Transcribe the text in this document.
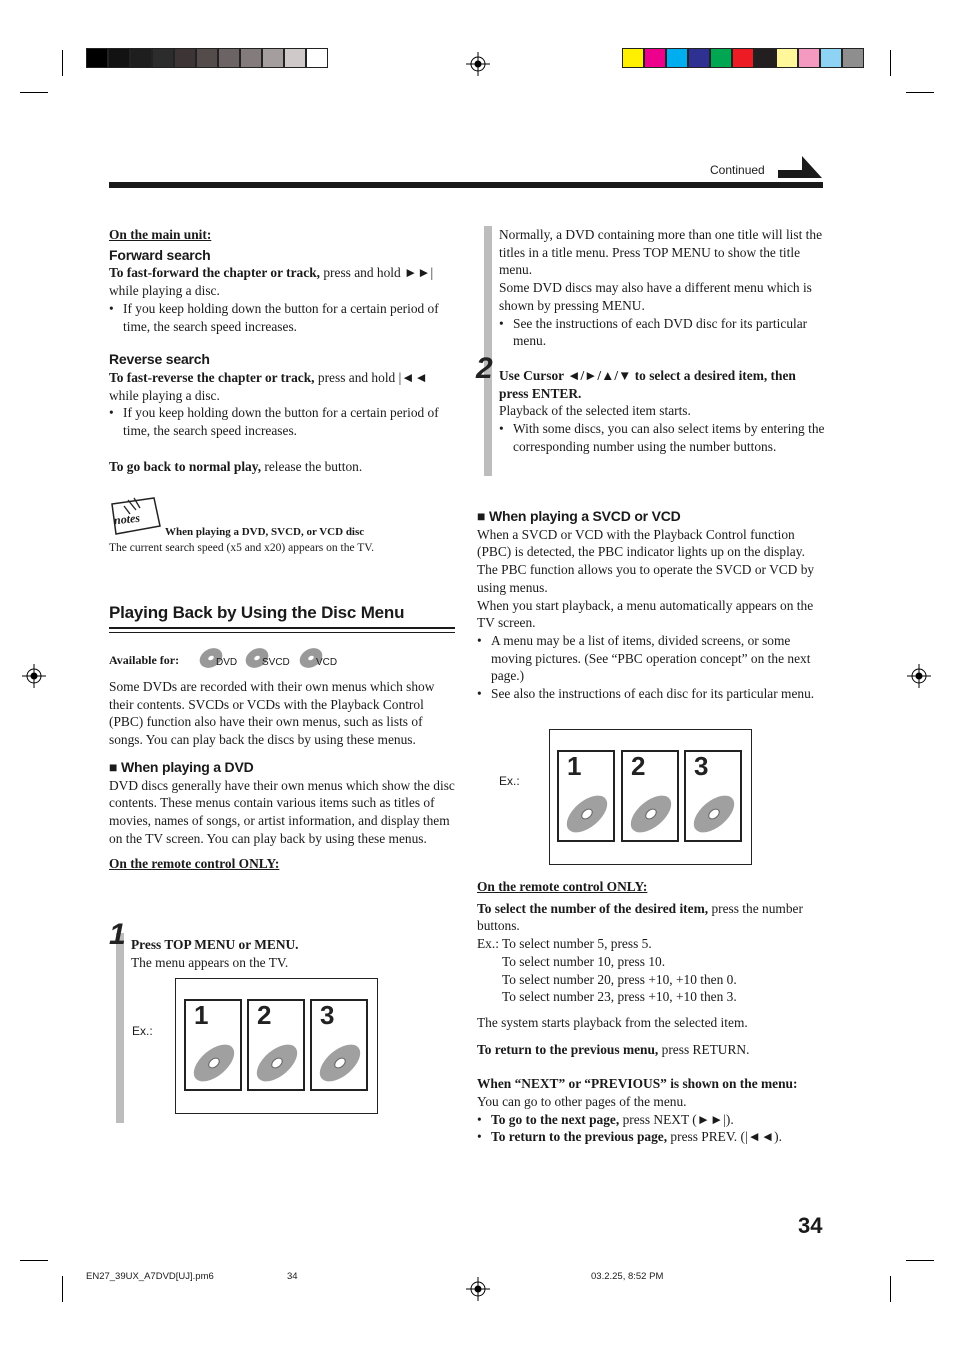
Continued
On the main unit:
Forward search

To fast-forward the chapter or track, press and hold ►►|

while playing a disc.

• If you keep holding down the button for a certain period of time, the search speed increases.

Reverse search

To fast-reverse the chapter or track, press and hold |◄◄

while playing a disc.

• If you keep holding down the button for a certain period of time, the search speed increases.

To go back to normal play, release the button.

notes
When playing a DVD, SVCD, or VCD disc
The current search speed (x5 and x20) appears on the TV.
Playing Back by Using the Disc Menu
Available for:	DVD SVCD	VCD

Some DVDs are recorded with their own menus which show their contents. SVCDs or VCDs with the Playback Control (PBC) function also have their own menus, such as lists of songs. You can play back the discs by using these menus.

■ When playing a DVD

DVD discs generally have their own menus which show the disc contents. These menus contain various items such as titles of movies, names of songs, or artist information, and display them on the TV screen. You can play back by using these menus.

On the remote control ONLY:
1 Press TOP MENU or MENU.
The menu appears on the TV.
Ex.:
1 2 3

Normally, a DVD containing more than one title will list the titles in a title menu. Press TOP MENU to show the title menu.

Some DVD discs may also have a different menu which is shown by pressing MENU.

• See the instructions of each DVD disc for its particular menu.

2 Use Cursor ◄/►/▲/▼ to select a desired item, then press ENTER.
Playback of the selected item starts.

• With some discs, you can also select items by entering the corresponding number using the number buttons.

■ When playing a SVCD or VCD

When a SVCD or VCD with the Playback Control function (PBC) is detected, the PBC indicator lights up on the display. The PBC function allows you to operate the SVCD or VCD by using menus.

When you start playback, a menu automatically appears on the TV screen.

• A menu may be a list of items, divided screens, or some moving pictures. (See “PBC operation concept” on the next page.)

• See also the instructions of each disc for its particular menu.

Ex.: 1 2 3
On the remote control ONLY:

To select the number of the desired item, press the number buttons.

Ex.: To select number 5, press 5.
To select number 10, press 10.
To select number 20, press +10, +10 then 0.
To select number 23, press +10, +10 then 3.

The system starts playback from the selected item.

To return to the previous menu, press RETURN.

When “NEXT” or “PREVIOUS” is shown on the menu:

You can go to other pages of the menu.

• To go to the next page, press NEXT (►►|).

• To return to the previous page, press PREV. (|◄◄).

34
EN27_39UX_A7DVD[UJ].pm6	34	03.2.25, 8:52 PM
